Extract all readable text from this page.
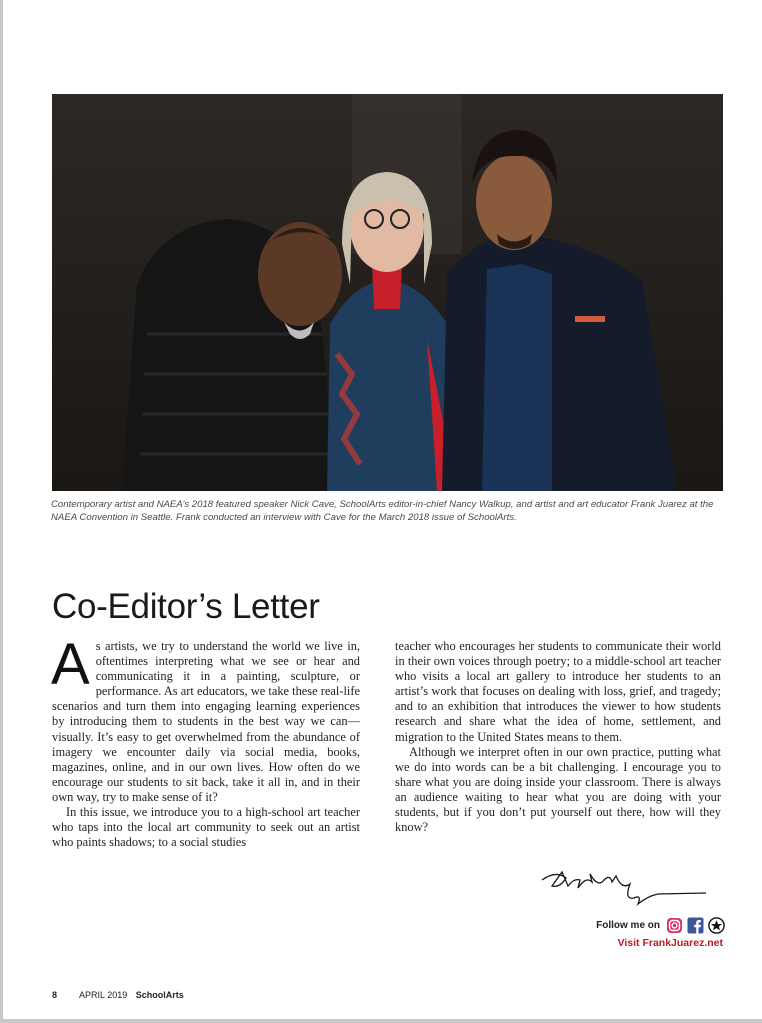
Contemporary artist and NAEA’s 2018 featured speaker Nick Cave, SchoolArts editor-in-chief Nancy Walkup, and artist and art educator Frank Juarez at the NAEA Convention in Seattle. Frank conducted an interview with Cave for the March 2018 issue of SchoolArts.
Co-Editor’s Letter

As artists, we try to understand the world we live in, oftentimes interpreting what we see or hear and communicating it in a painting, sculpture, or performance. As art educators, we take these real-life scenarios and turn them into engaging learning experiences by introducing them to students in the best way we can—visually. It’s easy to get overwhelmed from the abundance of imagery we encounter daily via social media, books, magazines, online, and in our own lives. How often do we encourage our students to sit back, take it all in, and in their own way, try to make sense of it?

In this issue, we introduce you to a high-school art teacher who taps into the local art community to seek out an artist who paints shadows; to a social studies

teacher who encourages her students to communicate their world in their own voices through poetry; to a middle-school art teacher who visits a local art gallery to introduce her students to an artist’s work that focuses on dealing with loss, grief, and tragedy; and to an exhibition that introduces the viewer to how students research and share what the idea of home, settlement, and migration to the United States means to them.

Although we interpret often in our own practice, putting what we do into words can be a bit challenging. I encourage you to share what you are doing inside your classroom. There is always an audience waiting to hear what you are doing with your students, but if you don’t put yourself out there, how will they know?

Follow me on
Visit FrankJuarez.net
8 APRIL 2019 SchoolArts
